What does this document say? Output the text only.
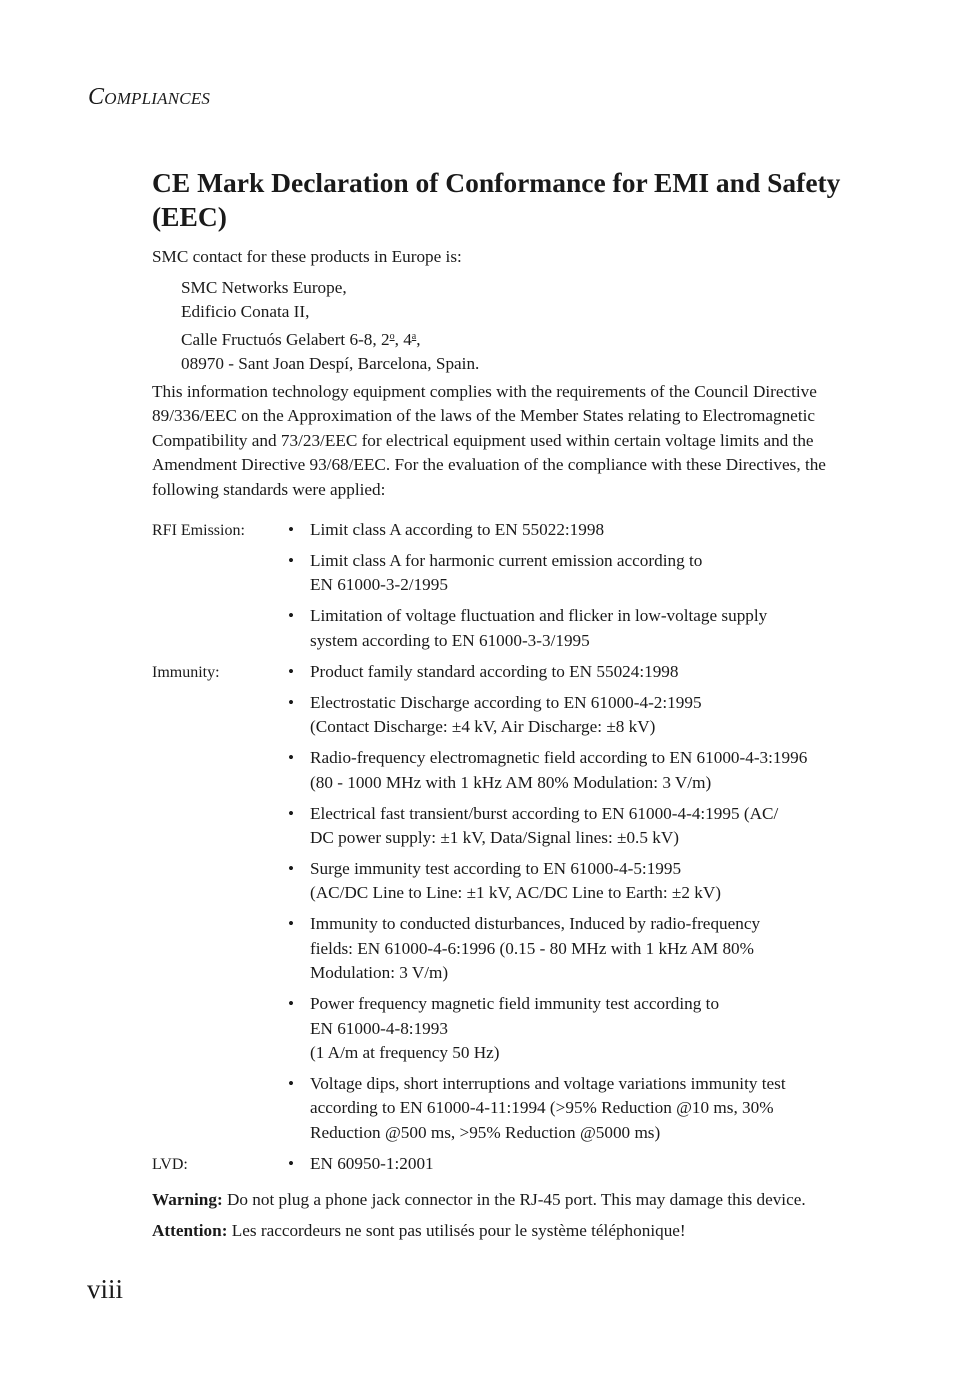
COMPLIANCES
CE Mark Declaration of Conformance for EMI and Safety (EEC)

SMC contact for these products in Europe is:

SMC Networks Europe,
Edificio Conata II,
Calle Fructuós Gelabert 6-8, 2$^o$, 4$^a$,
08970 - Sant Joan Despí, Barcelona, Spain.

This information technology equipment complies with the requirements of the Council Directive 89/336/EEC on the Approximation of the laws of the Member States relating to Electromagnetic Compatibility and 73/23/EEC for electrical equipment used within certain voltage limits and the Amendment Directive 93/68/EEC. For the evaluation of the compliance with these Directives, the following standards were applied:

RFI Emission:	• Limit class A according to EN 55022:1998
• Limit class A for harmonic current emission according to
EN 61000-3-2/1995
• Limitation of voltage fluctuation and flicker in low-voltage supply
system according to EN 61000-3-3/1995
Immunity:	• Product family standard according to EN 55024:1998
• Electrostatic Discharge according to EN 61000-4-2:1995
(Contact Discharge: ±4 kV, Air Discharge: ±8 kV)
• Radio-frequency electromagnetic field according to EN 61000-4-3:1996
(80 - 1000 MHz with 1 kHz AM 80% Modulation: 3 V/m)
• Electrical fast transient/burst according to EN 61000-4-4:1995 (AC/
DC power supply: ±1 kV, Data/Signal lines: ±0.5 kV)
• Surge immunity test according to EN 61000-4-5:1995
(AC/DC Line to Line: ±1 kV, AC/DC Line to Earth: ±2 kV)
• Immunity to conducted disturbances, Induced by radio-frequency
fields: EN 61000-4-6:1996 (0.15 - 80 MHz with 1 kHz AM 80%
Modulation: 3 V/m)
• Power frequency magnetic field immunity test according to
EN 61000-4-8:1993
(1 A/m at frequency 50 Hz)
• Voltage dips, short interruptions and voltage variations immunity test
according to EN 61000-4-11:1994 (>95% Reduction @10 ms, 30%
Reduction @500 ms, >95% Reduction @5000 ms)
LVD:	• EN 60950-1:2001
Warning: Do not plug a phone jack connector in the RJ-45 port. This may damage this device.
Attention: Les raccordeurs ne sont pas utilisés pour le système téléphonique!
viii
